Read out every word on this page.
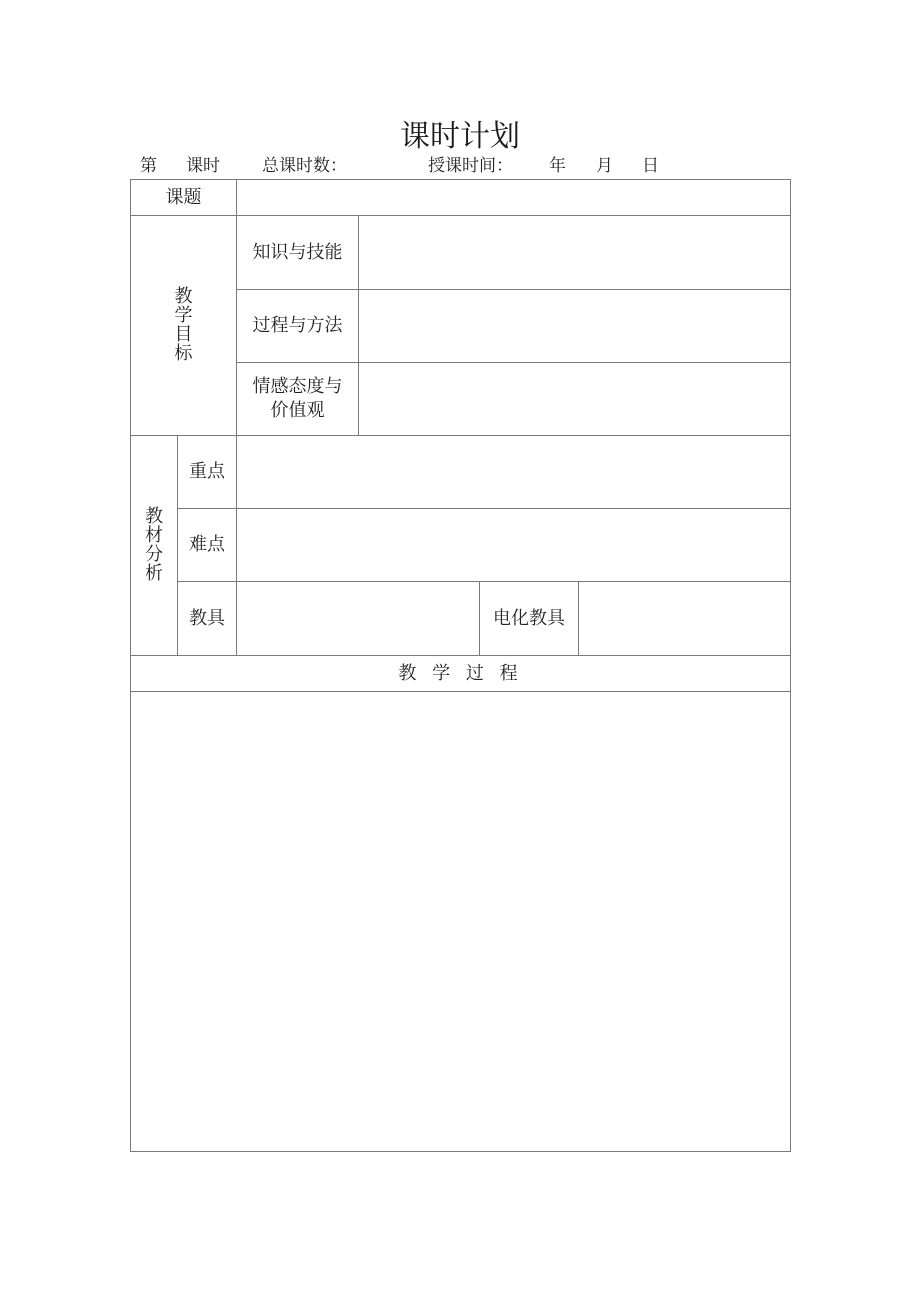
课时计划
第 课时 总课时数：	授课时间： 年 月 日
课题					
教学目标		知识与技能			
		过程与方法			
		情感态度与价值观			
教材分析	重点				
	难点				
	教具			电化教具	
教 学 过 程					
